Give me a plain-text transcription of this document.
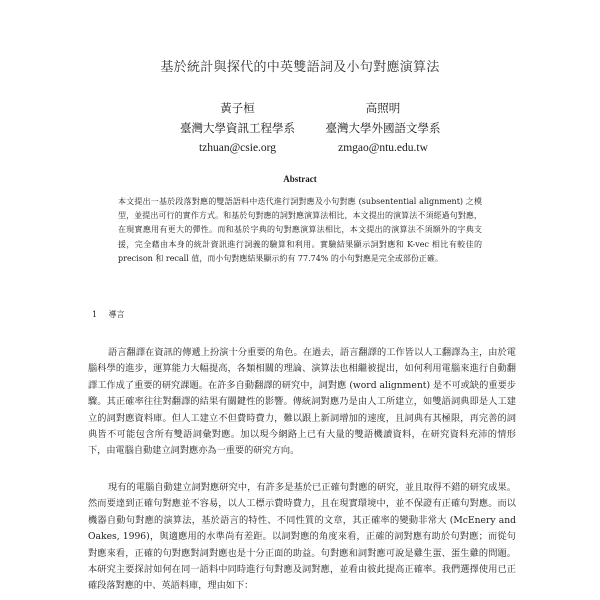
基於統計與探代的中英雙語詞及小句對應演算法
黃子桓
臺灣大學資訊工程學系
tzhuan@csie.org
高照明
臺灣大學外國語文學系
zmgao@ntu.edu.tw
Abstract
本文提出一基於段落對應的雙語語料中迭代進行詞對應及小句對應 (subsentential alignment) 之模型，並提出可行的實作方式。和基於句對應的詞對應演算法相比，本文提出的演算法不須經過句對應，在現實應用有更大的彈性。而和基於字典的句對應演算法相比，本文提出的演算法不須額外的字典支援，完全藉由本身的統計資訊進行詞義的驗算和利用。實驗結果顯示詞對應和 K-vec 相比有較佳的 precison 和 recall 值，而小句對應結果顯示約有 77.74% 的小句對應是完全或部份正確。
1 導言
語言翻譯在資訊的傳遞上扮演十分重要的角色。在過去，語言翻譯的工作皆以人工翻譯為主，由於電腦科學的進步，運算能力大幅提高，各類相關的理論、演算法也相繼被提出，如何利用電腦來進行自動翻譯工作成了重要的研究課題。在許多自動翻譯的研究中，詞對應 (word alignment) 是不可或缺的重要步驟。其正確率往往對翻譯的結果有關鍵性的影響。傳統詞對應乃是由人工所建立，如雙語詞典即是人工建立的詞對應資料庫。但人工建立不但費時費力，難以跟上新詞增加的速度，且詞典有其極限，再完善的詞典皆不可能包含所有雙語詞彙對應。加以現今網路上已有大量的雙語機讀資料，在研究資料充沛的情形下，由電腦自動建立詞對應亦為一重要的研究方向。
現有的電腦自動建立詞對應研究中，有許多是基於已正確句對應的研究，並且取得不錯的研究成果。然而要達到正確句對應並不容易，以人工標示費時費力，且在現實環境中，並不保證有正確句對應。而以機器自動句對應的演算法，基於語言的特性、不同性質的文章，其正確率的變動非常大 (McEnery and Oakes, 1996)，與適應用的水準尚有差距。以詞對應的角度來看，正確的詞對應有助於句對應；而從句對應來看，正確的句對應對詞對應也是十分正面的助益。句對應和詞對應可說是雞生蛋、蛋生雞的問題。本研究主要探討如何在同一語料中同時進行句對應及詞對應，並看由彼此提高正確率。我們選擇使用已正確段落對應的中、英語料庫，理由如下：
